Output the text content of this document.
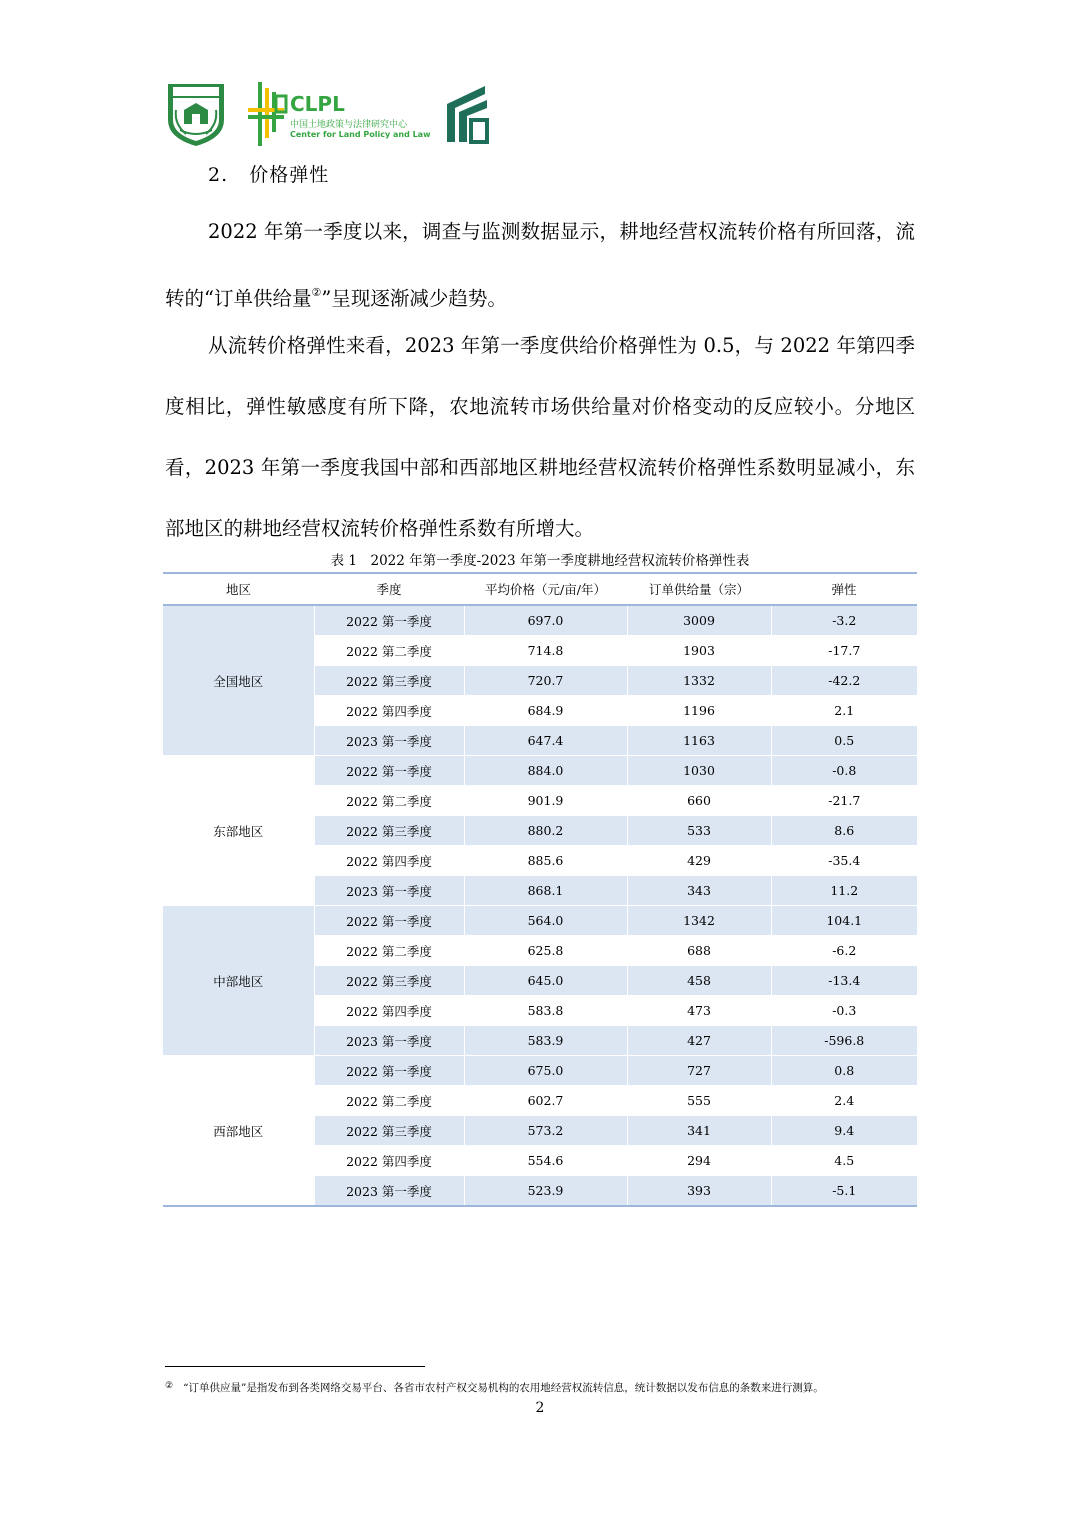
CLPL
中国土地政策与法律研究中心
Center for Land Policy and Law
2. 价格弹性

2022 年第一季度以来，调查与监测数据显示，耕地经营权流转价格有所回落，流转的“订单供给量②”呈现逐渐减少趋势。

从流转价格弹性来看，2023 年第一季度供给价格弹性为 0.5，与 2022 年第四季度相比，弹性敏感度有所下降，农地流转市场供给量对价格变动的反应较小。分地区看，2023 年第一季度我国中部和西部地区耕地经营权流转价格弹性系数明显减小，东部地区的耕地经营权流转价格弹性系数有所增大。

表 1　2022 年第一季度-2023 年第一季度耕地经营权流转价格弹性表
地区	季度	平均价格（元/亩/年）	订单供给量（宗）	弹性
全国地区	2022 第一季度	697.0	3009	-3.2
	2022 第二季度	714.8	1903	-17.7
	2022 第三季度	720.7	1332	-42.2
	2022 第四季度	684.9	1196	2.1
	2023 第一季度	647.4	1163	0.5
东部地区	2022 第一季度	884.0	1030	-0.8
	2022 第二季度	901.9	660	-21.7
	2022 第三季度	880.2	533	8.6
	2022 第四季度	885.6	429	-35.4
	2023 第一季度	868.1	343	11.2
中部地区	2022 第一季度	564.0	1342	104.1
	2022 第二季度	625.8	688	-6.2
	2022 第三季度	645.0	458	-13.4
	2022 第四季度	583.8	473	-0.3
	2023 第一季度	583.9	427	-596.8
西部地区	2022 第一季度	675.0	727	0.8
	2022 第二季度	602.7	555	2.4
	2022 第三季度	573.2	341	9.4
	2022 第四季度	554.6	294	4.5
	2023 第一季度	523.9	393	-5.1
② “订单供应量”是指发布到各类网络交易平台、各省市农村产权交易机构的农用地经营权流转信息，统计数据以发布信息的条数来进行测算。
2
